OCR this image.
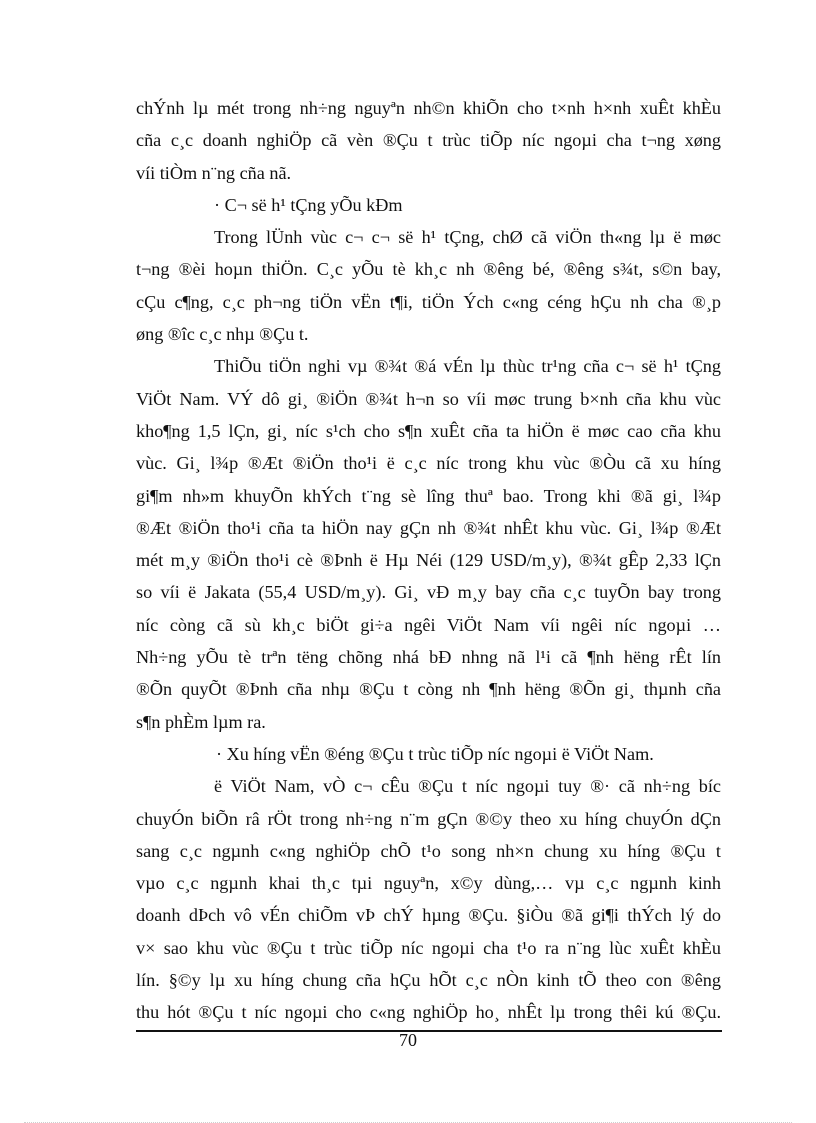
chÝnh lµ mét trong nh÷ng nguyªn nh©n khiÕn cho t×nh h×nh xuÊt khÈu
cña c¸c doanh nghiÖp cã vèn ®Çu t trùc tiÕp níc ngoµi cha t¬ng xøng
víi tiÒm n¨ng cña nã.
· C¬ së h¹ tÇng yÕu kÐm
Trong lÜnh vùc c¬ c¬ së h¹ tÇng, chØ cã viÖn th«ng lµ ë møc
t¬ng ®èi hoµn thiÖn. C¸c yÕu tè kh¸c nh ®êng bé, ®êng s¾t, s©n bay,
cÇu c¶ng, c¸c ph¬ng tiÖn vËn t¶i, tiÖn Ých c«ng céng hÇu nh cha ®¸p
øng ®îc c¸c nhµ ®Çu t.
ThiÕu tiÖn nghi vµ ®¾t ®á vÉn lµ thùc tr¹ng cña c¬ së h¹ tÇng
ViÖt Nam. VÝ dô gi¸ ®iÖn ®¾t h¬n so víi møc trung b×nh cña khu vùc
kho¶ng 1,5 lÇn, gi¸ níc s¹ch cho s¶n xuÊt cña ta hiÖn ë møc cao cña khu
vùc. Gi¸ l¾p ®Æt ®iÖn tho¹i ë c¸c níc trong khu vùc ®Òu cã xu híng
gi¶m nh»m khuyÕn khÝch t¨ng sè lîng thuª bao. Trong khi ®ã gi¸ l¾p
®Æt ®iÖn tho¹i cña ta hiÖn nay gÇn nh ®¾t nhÊt khu vùc. Gi¸ l¾p ®Æt
mét m¸y ®iÖn tho¹i cè ®Þnh ë Hµ Néi (129 USD/m¸y), ®¾t gÊp 2,33 lÇn
so víi ë Jakata (55,4 USD/m¸y). Gi¸ vÐ m¸y bay cña c¸c tuyÕn bay trong
níc còng cã sù kh¸c biÖt gi÷a ngêi ViÖt Nam víi ngêi níc ngoµi …
Nh÷ng yÕu tè trªn tëng chõng nhá bÐ nhng nã l¹i cã ¶nh hëng rÊt lín
®Õn quyÕt ®Þnh cña nhµ ®Çu t còng nh ¶nh hëng ®Õn gi¸ thµnh cña
s¶n phÈm lµm ra.
· Xu híng vËn ®éng ®Çu t trùc tiÕp níc ngoµi ë ViÖt Nam.
ë ViÖt Nam, vÒ c¬ cÊu ®Çu t níc ngoµi tuy ®· cã nh÷ng bíc
chuyÓn biÕn râ rÖt trong nh÷ng n¨m gÇn ®©y theo xu híng chuyÓn dÇn
sang c¸c ngµnh c«ng nghiÖp chÕ t¹o song nh×n chung xu híng ®Çu t
vµo c¸c ngµnh khai th¸c tµi nguyªn, x©y dùng,… vµ c¸c ngµnh kinh
doanh dÞch vô vÉn chiÕm vÞ chÝ hµng ®Çu. §iÒu ®ã gi¶i thÝch lý do
v× sao khu vùc ®Çu t trùc tiÕp níc ngoµi cha t¹o ra n¨ng lùc xuÊt khÈu
lín. §©y lµ xu híng chung cña hÇu hÕt c¸c nÒn kinh tÕ theo con ®êng
thu hót ®Çu t níc ngoµi cho c«ng nghiÖp ho¸ nhÊt lµ trong thêi kú ®Çu.
70
